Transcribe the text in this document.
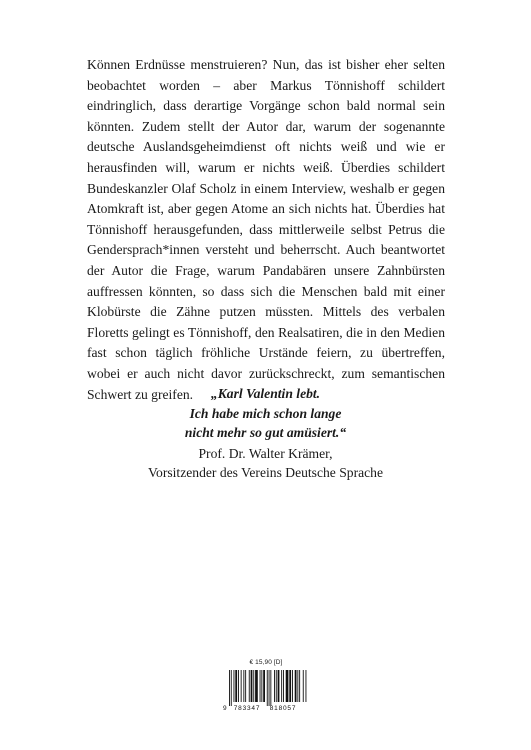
Können Erdnüsse menstruieren? Nun, das ist bisher eher selten beobachtet worden – aber Markus Tönnishoff schildert eindringlich, dass derartige Vorgänge schon bald normal sein könnten. Zudem stellt der Autor dar, warum der sogenannte deutsche Auslandsgeheimdienst oft nichts weiß und wie er herausfinden will, warum er nichts weiß. Überdies schildert Bundeskanzler Olaf Scholz in einem Interview, weshalb er gegen Atomkraft ist, aber gegen Atome an sich nichts hat. Überdies hat Tönnishoff herausgefunden, dass mittlerweile selbst Petrus die Gendersprach*innen versteht und beherrscht. Auch beantwortet der Autor die Frage, warum Pandabären unsere Zahnbürsten auffressen könnten, so dass sich die Menschen bald mit einer Klobürste die Zähne putzen müssten. Mittels des verbalen Floretts gelingt es Tönnishoff, den Realsatiren, die in den Medien fast schon täglich fröhliche Urstände feiern, zu übertreffen, wobei er auch nicht davor zurückschreckt, zum semantischen Schwert zu greifen.	„Karl Valentin lebt.
Ich habe mich schon lange
nicht mehr so gut amüsiert.“
Prof. Dr. Walter Krämer,
Vorsitzender des Vereins Deutsche Sprache
€ 15,90 [D]
9 783347 818057
